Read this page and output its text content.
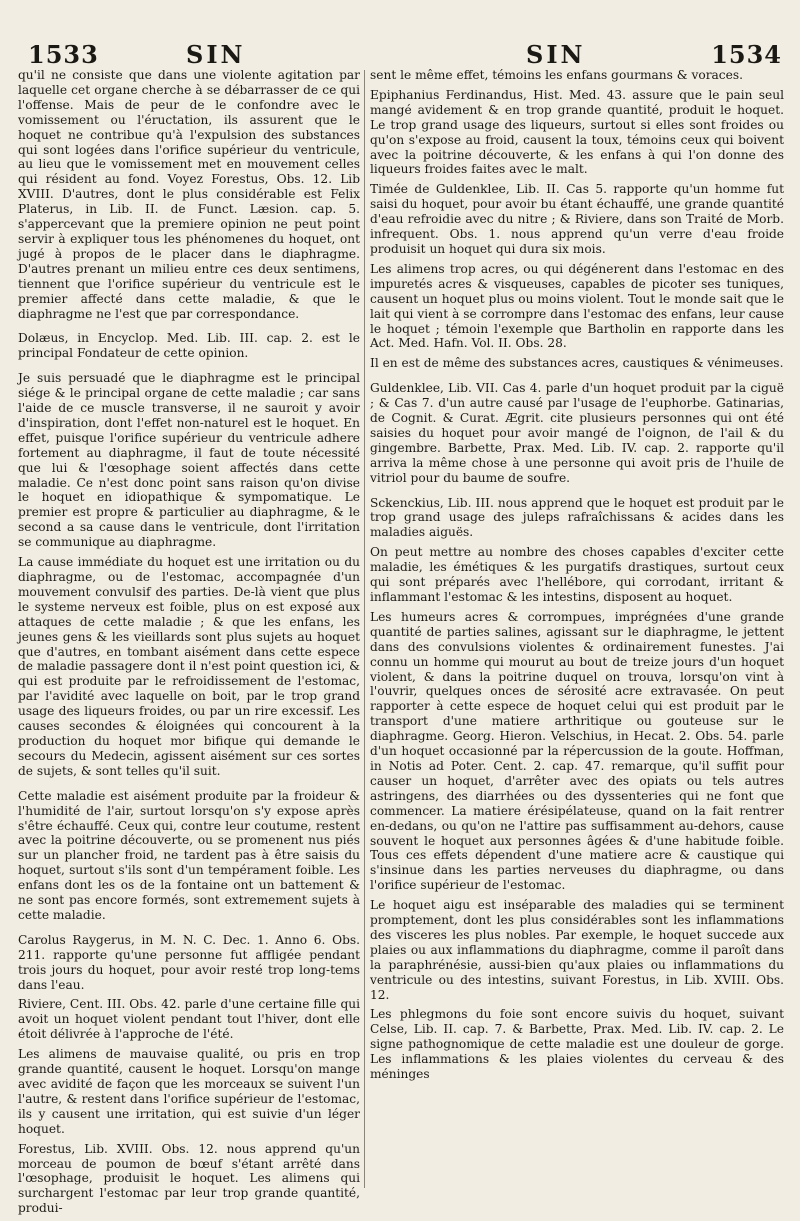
1533	SIN	SIN	1534

qu'il ne consiste que dans une violente agitation par laquelle cet organe cherche à se débarrasser de ce qui l'offense. Mais de peur de le confondre avec le vomissement ou l'éructation, ils assurent que le hoquet ne contribue qu'à l'expulsion des substances qui sont logées dans l'orifice supérieur du ventricule, au lieu que le vomissement met en mouvement celles qui résident au fond. Voyez Forestus, Obs. 12. Lib XVIII. D'autres, dont le plus considérable est Felix Platerus, in Lib. II. de Funct. Læsion. cap. 5. s'appercevant que la premiere opinion ne peut point servir à expliquer tous les phénomenes du hoquet, ont jugé à propos de le placer dans le diaphragme. D'autres prenant un milieu entre ces deux sentimens, tiennent que l'orifice supérieur du ventricule est le premier affecté dans cette maladie, & que le diaphragme ne l'est que par correspondance.

Dolæus, in Encyclop. Med. Lib. III. cap. 2. est le principal Fondateur de cette opinion.

Je suis persuadé que le diaphragme est le principal siége & le principal organe de cette maladie ; car sans l'aide de ce muscle transverse, il ne sauroit y avoir d'inspiration, dont l'effet non-naturel est le hoquet. En effet, puisque l'orifice supérieur du ventricule adhere fortement au diaphragme, il faut de toute nécessité que lui & l'œsophage soient affectés dans cette maladie. Ce n'est donc point sans raison qu'on divise le hoquet en idiopathique & sympomatique. Le premier est propre & particulier au diaphragme, & le second a sa cause dans le ventricule, dont l'irritation se communique au diaphragme.

La cause immédiate du hoquet est une irritation ou du diaphragme, ou de l'estomac, accompagnée d'un mouvement convulsif des parties. De-là vient que plus le systeme nerveux est foible, plus on est exposé aux attaques de cette maladie ; & que les enfans, les jeunes gens & les vieillards sont plus sujets au hoquet que d'autres, en tombant aisément dans cette espece de maladie passagere dont il n'est point question ici, & qui est produite par le refroidissement de l'estomac, par l'avidité avec laquelle on boit, par le trop grand usage des liqueurs froides, ou par un rire excessif. Les causes secondes & éloignées qui concourent à la production du hoquet mor bifique qui demande le secours du Medecin, agissent aisément sur ces sortes de sujets, & sont telles qu'il suit.

Cette maladie est aisément produite par la froideur & l'humidité de l'air, surtout lorsqu'on s'y expose après s'être échauffé. Ceux qui, contre leur coutume, restent avec la poitrine découverte, ou se promenent nus piés sur un plancher froid, ne tardent pas à être saisis du hoquet, surtout s'ils sont d'un tempérament foible. Les enfans dont les os de la fontaine ont un battement & ne sont pas encore formés, sont extremement sujets à cette maladie.

Carolus Raygerus, in M. N. C. Dec. 1. Anno 6. Obs. 211. rapporte qu'une personne fut affligée pendant trois jours du hoquet, pour avoir resté trop long-tems dans l'eau.

Riviere, Cent. III. Obs. 42. parle d'une certaine fille qui avoit un hoquet violent pendant tout l'hiver, dont elle étoit délivrée à l'approche de l'été.

Les alimens de mauvaise qualité, ou pris en trop grande quantité, causent le hoquet. Lorsqu'on mange avec avidité de façon que les morceaux se suivent l'un l'autre, & restent dans l'orifice supérieur de l'estomac, ils y causent une irritation, qui est suivie d'un léger hoquet.

Forestus, Lib. XVIII. Obs. 12. nous apprend qu'un morceau de poumon de bœuf s'étant arrêté dans l'œsophage, produisit le hoquet. Les alimens qui surchargent l'estomac par leur trop grande quantité, produi-

sent le même effet, témoins les enfans gourmans & voraces.

Epiphanius Ferdinandus, Hist. Med. 43. assure que le pain seul mangé avidement & en trop grande quantité, produit le hoquet. Le trop grand usage des liqueurs, surtout si elles sont froides ou qu'on s'expose au froid, causent la toux, témoins ceux qui boivent avec la poitrine découverte, & les enfans à qui l'on donne des liqueurs froides faites avec le malt.

Timée de Guldenklee, Lib. II. Cas 5. rapporte qu'un homme fut saisi du hoquet, pour avoir bu étant échauffé, une grande quantité d'eau refroidie avec du nitre ; & Riviere, dans son Traité de Morb. infrequent. Obs. 1. nous apprend qu'un verre d'eau froide produisit un hoquet qui dura six mois.

Les alimens trop acres, ou qui dégénerent dans l'estomac en des impuretés acres & visqueuses, capables de picoter ses tuniques, causent un hoquet plus ou moins violent. Tout le monde sait que le lait qui vient à se corrompre dans l'estomac des enfans, leur cause le hoquet ; témoin l'exemple que Bartholin en rapporte dans les Act. Med. Hafn. Vol. II. Obs. 28.

Il en est de même des substances acres, caustiques & vénimeuses.

Guldenklee, Lib. VII. Cas 4. parle d'un hoquet produit par la ciguë ; & Cas 7. d'un autre causé par l'usage de l'euphorbe. Gatinarias, de Cognit. & Curat. Ægrit. cite plusieurs personnes qui ont été saisies du hoquet pour avoir mangé de l'oignon, de l'ail & du gingembre. Barbette, Prax. Med. Lib. IV. cap. 2. rapporte qu'il arriva la même chose à une personne qui avoit pris de l'huile de vitriol pour du baume de soufre.

Sckenckius, Lib. III. nous apprend que le hoquet est produit par le trop grand usage des juleps rafraîchissans & acides dans les maladies aiguës.

On peut mettre au nombre des choses capables d'exciter cette maladie, les émétiques & les purgatifs drastiques, surtout ceux qui sont préparés avec l'hellébore, qui corrodant, irritant & inflammant l'estomac & les intestins, disposent au hoquet.

Les humeurs acres & corrompues, imprégnées d'une grande quantité de parties salines, agissant sur le diaphragme, le jettent dans des convulsions violentes & ordinairement funestes. J'ai connu un homme qui mourut au bout de treize jours d'un hoquet violent, & dans la poitrine duquel on trouva, lorsqu'on vint à l'ouvrir, quelques onces de sérosité acre extravasée. On peut rapporter à cette espece de hoquet celui qui est produit par le transport d'une matiere arthritique ou gouteuse sur le diaphragme. Georg. Hieron. Velschius, in Hecat. 2. Obs. 54. parle d'un hoquet occasionné par la répercussion de la goute. Hoffman, in Notis ad Poter. Cent. 2. cap. 47. remarque, qu'il suffit pour causer un hoquet, d'arrêter avec des opiats ou tels autres astringens, des diarrhées ou des dyssenteries qui ne font que commencer. La matiere érésipélateuse, quand on la fait rentrer en-dedans, ou qu'on ne l'attire pas suffisamment au-dehors, cause souvent le hoquet aux personnes âgées & d'une habitude foible. Tous ces effets dépendent d'une matiere acre & caustique qui s'insinue dans les parties nerveuses du diaphragme, ou dans l'orifice supérieur de l'estomac.

Le hoquet aigu est inséparable des maladies qui se terminent promptement, dont les plus considérables sont les inflammations des visceres les plus nobles. Par exemple, le hoquet succede aux plaies ou aux inflammations du diaphragme, comme il paroît dans la paraphrénésie, aussi-bien qu'aux plaies ou inflammations du ventricule ou des intestins, suivant Forestus, in Lib. XVIII. Obs. 12.

Les phlegmons du foie sont encore suivis du hoquet, suivant Celse, Lib. II. cap. 7. & Barbette, Prax. Med. Lib. IV. cap. 2. Le signe pathognomique de cette maladie est une douleur de gorge. Les inflammations & les plaies violentes du cerveau & des méninges
